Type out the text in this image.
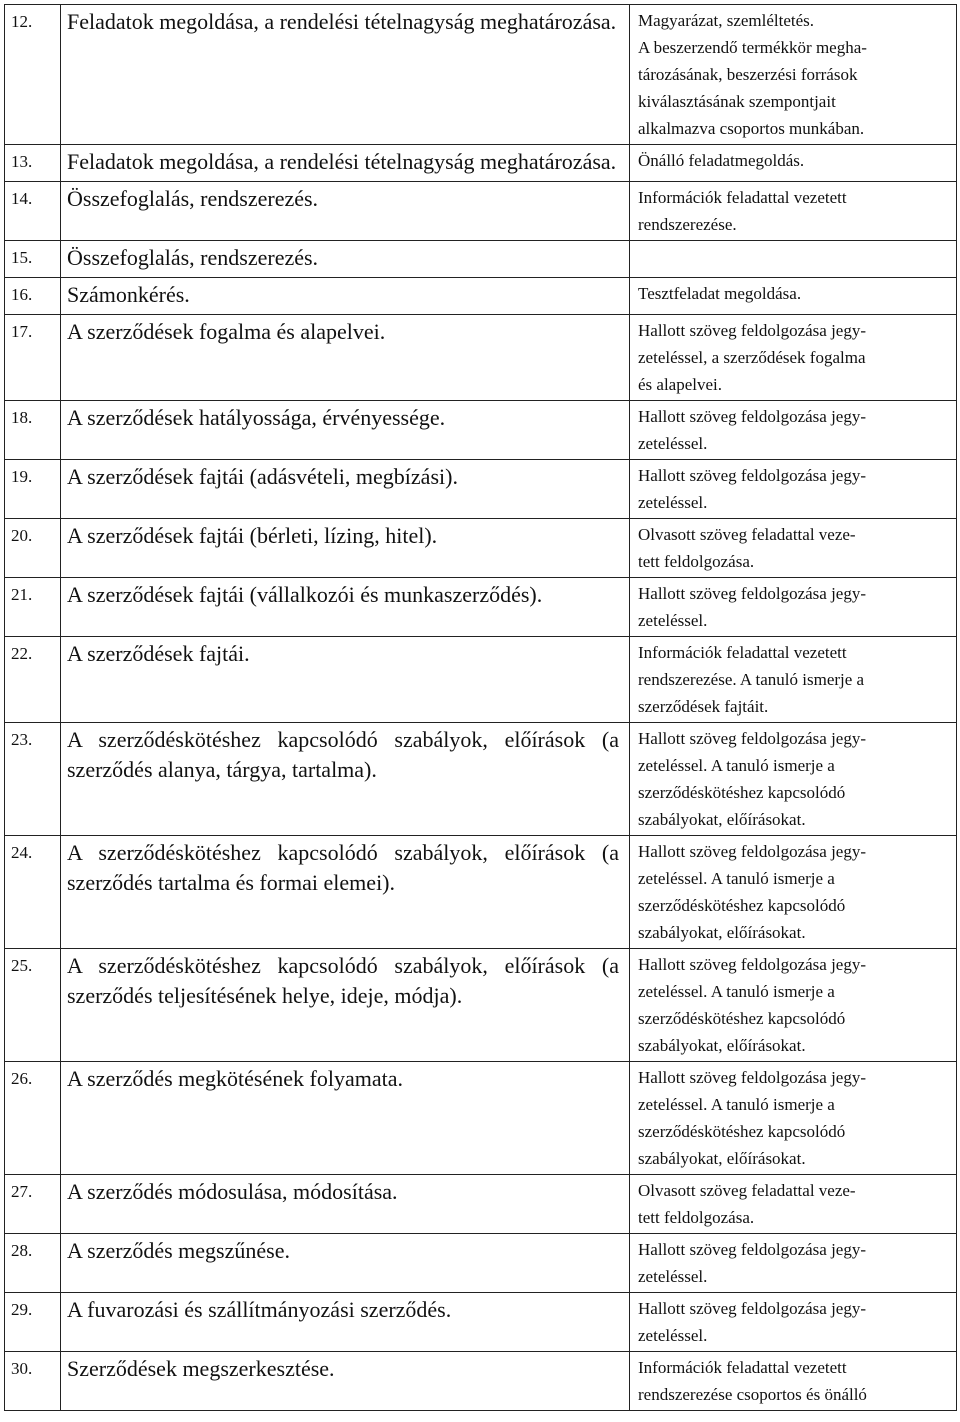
12.	Feladatok megoldása, a rendelési tételnagyság meghatározása.	Magyarázat, szemléltetés.
A beszerzendő termékkör megha-
tározásának, beszerzési források
kiválasztásának szempontjait
alkalmazva csoportos munkában.

13.	Feladatok megoldása, a rendelési tételnagyság meghatározása.	Önálló feladatmegoldás.

14.	Összefoglalás, rendszerezés.	Információk feladattal vezetett
rendszerezése.

15.	Összefoglalás, rendszerezés.	
16.	Számonkérés.	Tesztfeladat megoldása.

17.	A szerződések fogalma és alapelvei.	Hallott szöveg feldolgozása jegy-
zeteléssel, a szerződések fogalma
és alapelvei.

18.	A szerződések hatályossága, érvényessége.	Hallott szöveg feldolgozása jegy-
zeteléssel.

19.	A szerződések fajtái (adásvételi, megbízási).	Hallott szöveg feldolgozása jegy-
zeteléssel.

20.	A szerződések fajtái (bérleti, lízing, hitel).	Olvasott szöveg feladattal veze-
tett feldolgozása.

21.	A szerződések fajtái (vállalkozói és munkaszerződés).	Hallott szöveg feldolgozása jegy-
zeteléssel.

22.	A szerződések fajtái.	Információk feladattal vezetett
rendszerezése. A tanuló ismerje a
szerződések fajtáit.

23.	A szerződéskötéshez kapcsolódó szabályok, előírások (a szerződés alanya, tárgya, tartalma).	Hallott szöveg feldolgozása jegy-
zeteléssel. A tanuló ismerje a
szerződéskötéshez kapcsolódó
szabályokat, előírásokat.

24.	A szerződéskötéshez kapcsolódó szabályok, előírások (a szerződés tartalma és formai elemei).	Hallott szöveg feldolgozása jegy-
zeteléssel. A tanuló ismerje a
szerződéskötéshez kapcsolódó
szabályokat, előírásokat.

25.	A szerződéskötéshez kapcsolódó szabályok, előírások (a szerződés teljesítésének helye, ideje, módja).	Hallott szöveg feldolgozása jegy-
zeteléssel. A tanuló ismerje a
szerződéskötéshez kapcsolódó
szabályokat, előírásokat.

26.	A szerződés megkötésének folyamata.	Hallott szöveg feldolgozása jegy-
zeteléssel. A tanuló ismerje a
szerződéskötéshez kapcsolódó
szabályokat, előírásokat.

27.	A szerződés módosulása, módosítása.	Olvasott szöveg feladattal veze-
tett feldolgozása.

28.	A szerződés megszűnése.	Hallott szöveg feldolgozása jegy-
zeteléssel.

29.	A fuvarozási és szállítmányozási szerződés.	Hallott szöveg feldolgozása jegy-
zeteléssel.

30.	Szerződések megszerkesztése.	Információk feladattal vezetett
rendszerezése csoportos és önálló
